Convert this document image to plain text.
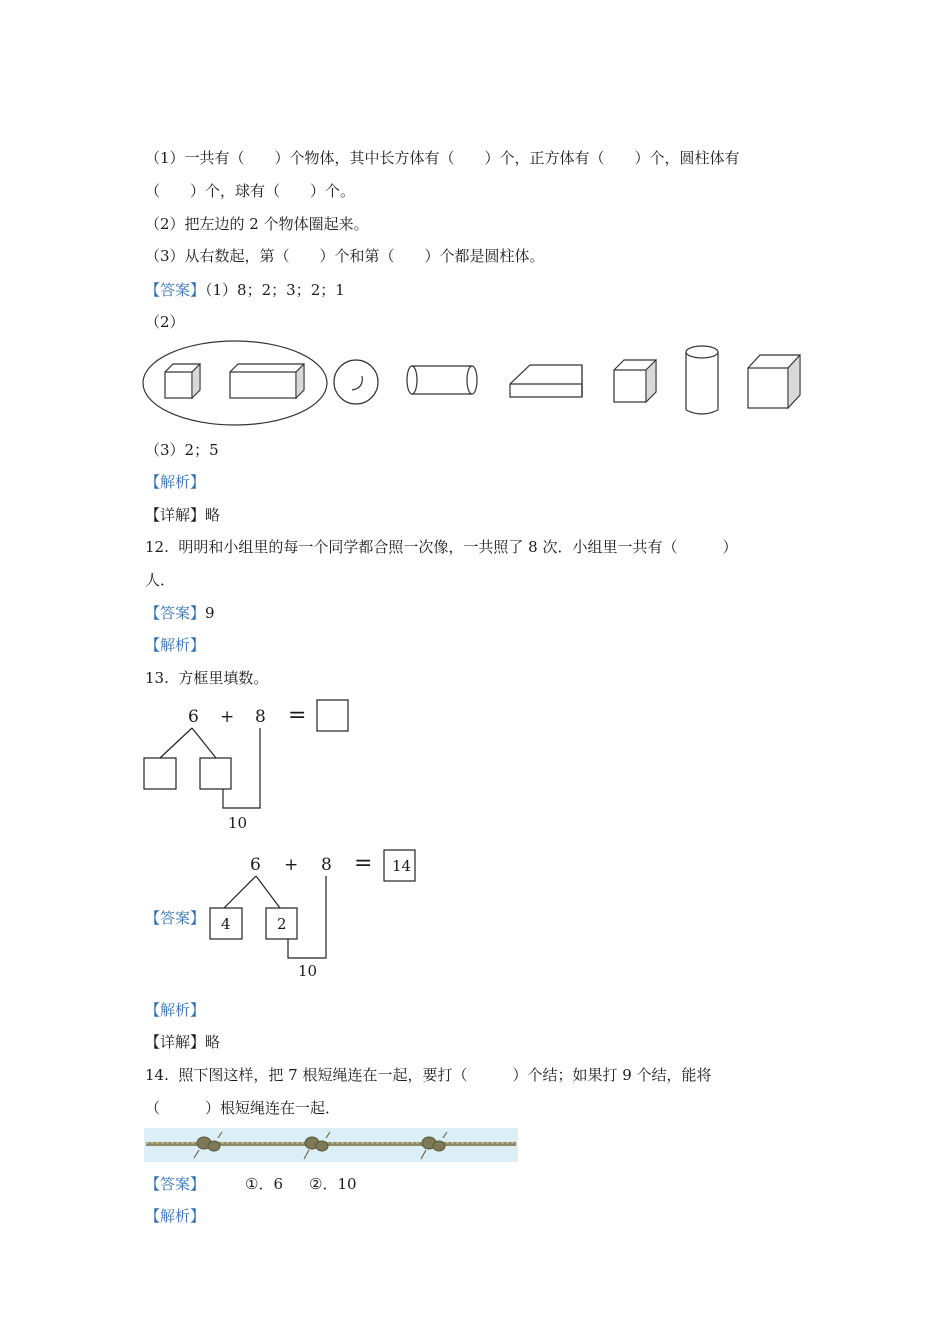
（1）一共有（　　）个物体，其中长方体有（　　）个，正方体有（　　）个，圆柱体有
（　　）个，球有（　　）个。
（2）把左边的 2 个物体圈起来。
（3）从右数起，第（　　）个和第（　　）个都是圆柱体。
【答案】（1）8；2；3；2；1
（2）
（3）2；5
【解析】
【详解】略
12.  明明和小组里的每一个同学都合照一次像，一共照了 8 次．小组里一共有（　　　）
人．
【答案】9
【解析】
13.  方框里填数。
6 + 8 =
10
【答案】
6 + 8 = 14
4	2
10
【解析】
【详解】略
14.  照下图这样，把 7 根短绳连在一起，要打（　　　）个结；如果打 9 个结，能将
（　　　）根短绳连在一起．
【答案】	①．6 ②．10
【解析】
